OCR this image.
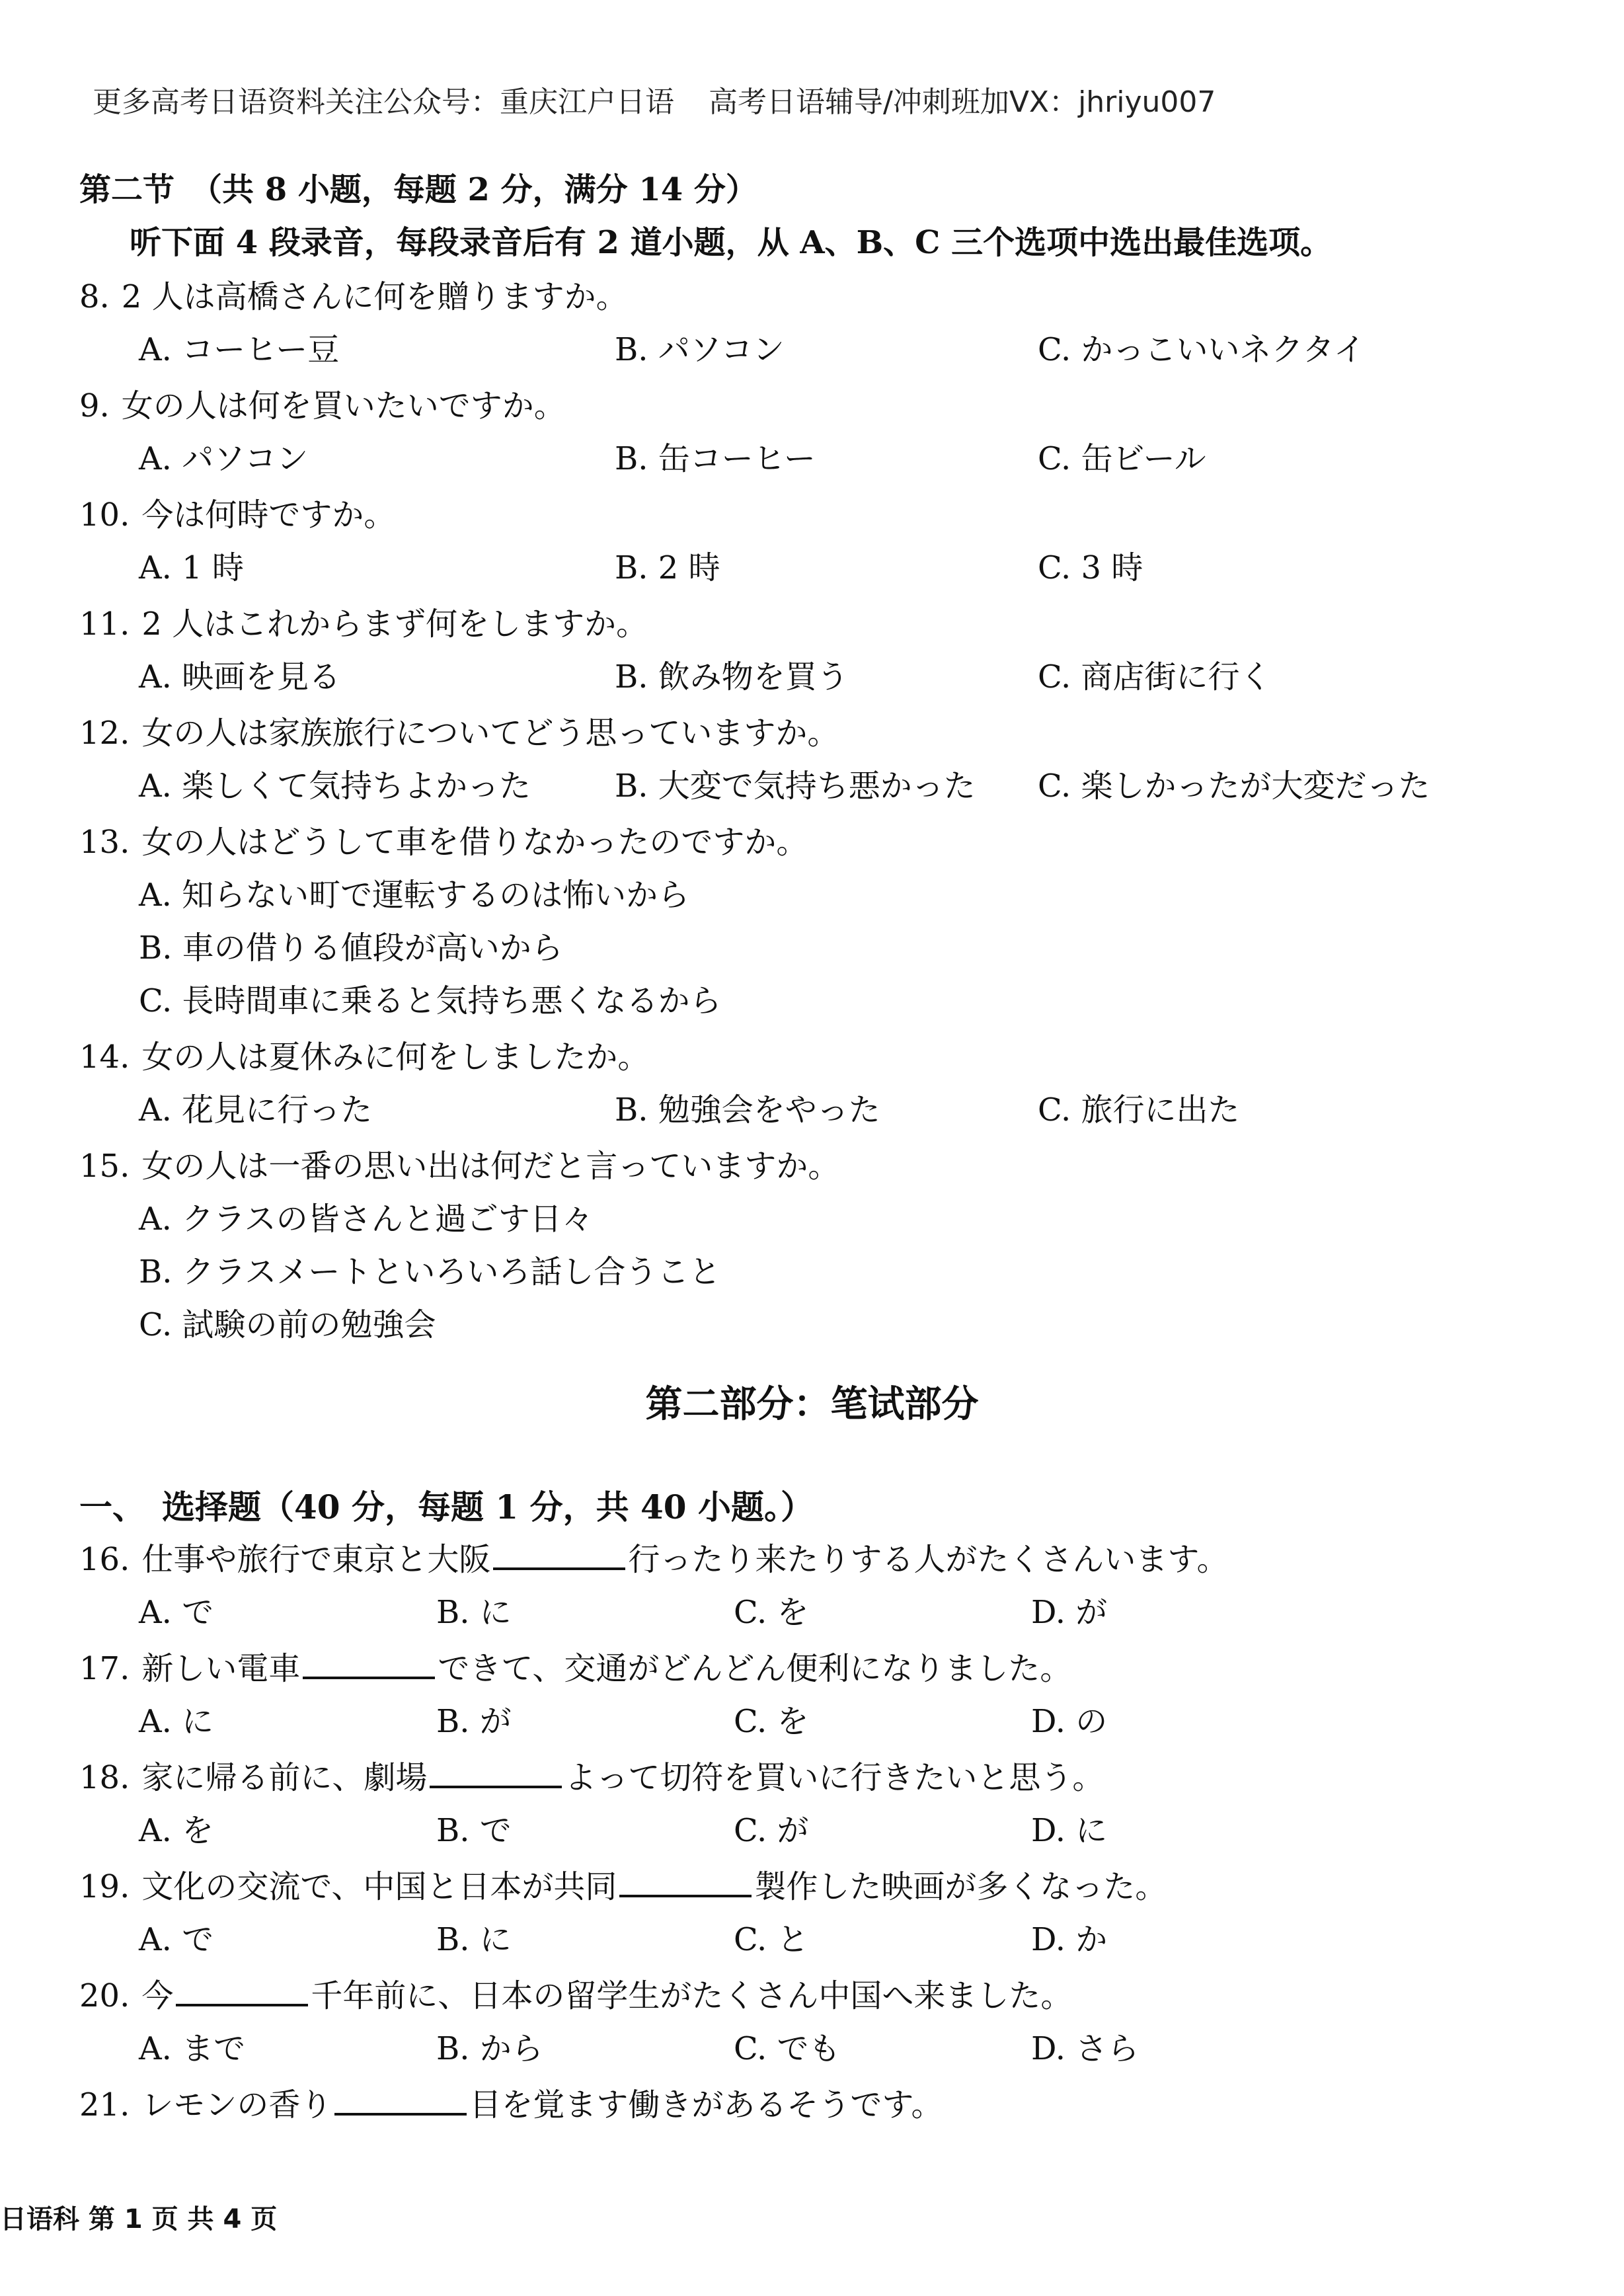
更多高考日语资料关注公众号：重庆江户日语 高考日语辅导/冲刺班加VX：jhriyu007
第二节　（共 8 小题，每题 2 分，满分 14 分）
听下面 4 段录音，每段录音后有 2 道小题，从 A、B、C 三个选项中选出最佳选项。
8. 2 人は高橋さんに何を贈りますか。
A. コーヒー豆	B. パソコン	C. かっこいいネクタイ
9. 女の人は何を買いたいですか。
A. パソコン	B. 缶コーヒー	C. 缶ビール
10. 今は何時ですか。
A. 1 時	B. 2 時	C. 3 時
11. 2 人はこれからまず何をしますか。
A. 映画を見る	B. 飲み物を買う	C. 商店街に行く
12. 女の人は家族旅行についてどう思っていますか。
A. 楽しくて気持ちよかった	B. 大変で気持ち悪かった C. 楽しかったが大変だった
13. 女の人はどうして車を借りなかったのですか。
A. 知らない町で運転するのは怖いから
B. 車の借りる値段が高いから
C. 長時間車に乗ると気持ち悪くなるから
14. 女の人は夏休みに何をしましたか。
A. 花見に行った	B. 勉強会をやった	C. 旅行に出た
15. 女の人は一番の思い出は何だと言っていますか。
A. クラスの皆さんと過ごす日々
B. クラスメートといろいろ話し合うこと
C. 試験の前の勉強会
第二部分：笔试部分
一、　选择题（40 分，每题 1 分，共 40 小题。）
16. 仕事や旅行で東京と大阪	行ったり来たりする人がたくさんいます。
A. で	B. に	C. を	D. が
17. 新しい電車	できて、交通がどんどん便利になりました。
A. に	B. が	C. を	D. の
18. 家に帰る前に、劇場	よって切符を買いに行きたいと思う。
A. を	B. で	C. が	D. に
19. 文化の交流で、中国と日本が共同	製作した映画が多くなった。
A. で	B. に	C. と	D. か
20. 今	千年前に、日本の留学生がたくさん中国へ来ました。
A. まで	B. から	C. でも	D. さら
21. レモンの香り	目を覚ます働きがあるそうです。
日语科 第 1 页 共 4 页
